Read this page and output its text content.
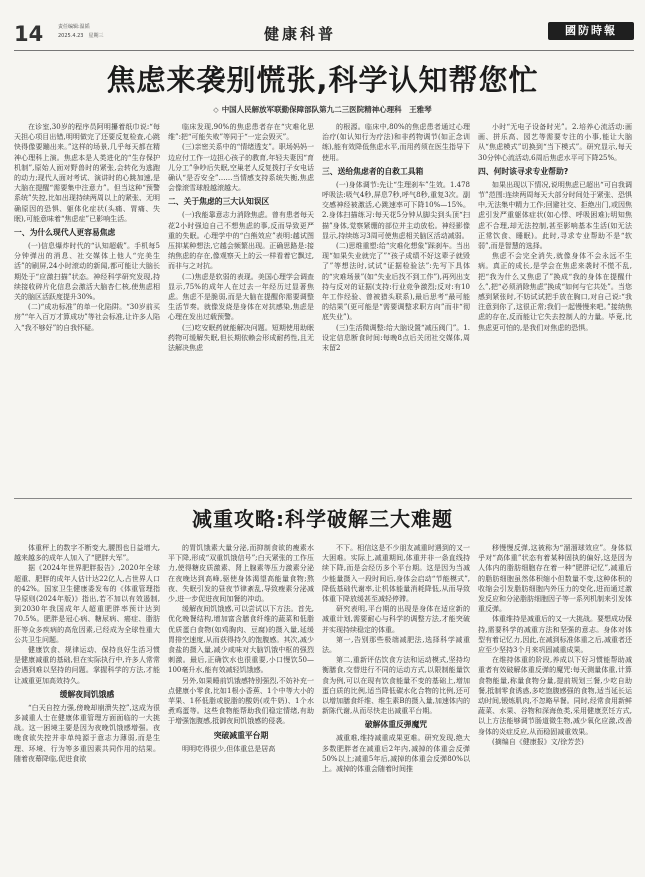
14	责任编辑:温韬
2025.4.23　星期三	健康科普	國防時報
焦虑来袭别慌张,科学认知帮您忙
◇ 中国人民解放军联勤保障部队第九二三医院精神心理科　王雅琴

在诊室,30岁的程序员阿明攥着纸巾说:“每天担心项目出错,明明做完了还要反复检查,心跳快得像要蹦出来。”这样的场景,几乎每天都在精神心理科上演。焦虑本是人类进化的“生存保护机制”,原始人面对野兽时的紧张,会转化为逃跑的动力;现代人面对考试、演讲时的心跳加速,是大脑在提醒“需要集中注意力”。但当这种“预警系统”失控,比如出现持续两周以上的紧张、无明确原因的恐惧、躯体化症状(头痛、胃痛、失眠),可能意味着“焦虑症”已影响生活。

一、为什么现代人更容易焦虑

(一)信息爆炸时代的“认知超载”。手机每5分钟弹出的消息、社交媒体上他人“完美生活”的刷屏,24小时滚动的新闻,都可能让大脑长期处于“应激扫描”状态。神经科学研究发现,持续接收碎片化信息会激活大脑杏仁核,使焦虑相关的脑区活跃度提升30%。

(二)“成功标准”的单一化陷阱。“30岁前买房”“年入百万才算成功”等社会标准,让许多人陷入“我不够好”的自我怀疑。

临床发现,90%的焦虑患者存在“灾难化思维”:把“可能失败”等同于“一定会毁灭”。

(三)亲密关系中的“情绪透支”。职场妈妈一边应付工作一边担心孩子的教育,年轻夫妻因“育儿分工”争吵后失眠,空巢老人反复拨打子女电话确认“是否安全”……当情感支持系统失衡,焦虑会像滚雪球般越滚越大。

二、关于焦虑的三大认知误区

(一)我能靠意志力消除焦虑。曾有患者每天花2小时强迫自己不想焦虑的事,反而导致更严重的失眠。心理学中的“白熊效应”表明:越试图压抑某种想法,它越会频繁出现。正确思路是:接纳焦虑的存在,像观察天上的云一样看着它飘过,而非与之对抗。

(二)焦虑是软弱的表现。美国心理学会调查显示,75%的成年人在过去一年经历过显著焦虑。焦虑不是脆弱,而是大脑在提醒你需要调整生活节奏。就像发烧是身体在对抗感染,焦虑是心理在发出过载预警。

(三)吃安眠药就能解决问题。短期使用助眠药物可缓解失眠,但长期依赖会形成耐药性,且无法解决焦虑

的根源。临床中,80%的焦虑患者通过心理治疗(如认知行为疗法)和非药物调节(如正念训练),能有效降低焦虑水平,而用药须在医生指导下使用。

三、送给焦虑者的自救工具箱

(一)身体调节:先让“生理刹车”生效。1.478呼吸法:吸气4秒,屏息7秒,呼气8秒,重复3次。副交感神经被激活,心跳速率可下降10%—15%。2.身体扫描练习:每天花5分钟从脚尖到头顶“扫描”身体,觉察紧绷的部位并主动放松。神经影像显示,持续练习3周可使焦虑相关脑区活动减弱。

(二)思维重塑:给“灾难化想象”踩刹车。当出现“如果失业就完了”“孩子成绩不好这辈子就毁了”等想法时,试试“证据检验法”:先写下具体的“灾难场景”(如“失业后找不到工作”),再列出支持与反对的证据(支持:行业竞争激烈;反对:有10年工作经验、曾被猎头联系),最后思考“最可能的结果”(更可能是“需要调整求职方向”而非“彻底失业”)。

(三)生活微调整:给大脑设置“减压阀门”。1.设定信息断食时间:每晚8点后关闭社交媒体,周末留2

小时“无电子设备时光”。2.培养心流活动:画画、拼乐高、园艺等需要专注的小事,能让大脑从“焦虑模式”切换到“当下模式”。研究显示,每天30分钟心流活动,6周后焦虑水平可下降25%。

四、何时该寻求专业帮助?

如果出现以下情况,说明焦虑已超出“可自我调节”范围:连续两周每天大部分时间处于紧张、恐惧中,无法集中精力工作;回避社交、拒绝出门,或因焦虑引发严重躯体症状(如心悸、呼吸困难);明知焦虑不合理,却无法控制,甚至影响基本生活(如无法正常饮食、睡眠)。此时,寻求专业帮助不是“软弱”,而是智慧的选择。

焦虑不会完全消失,就像身体不会永远不生病。真正的成长,是学会在焦虑来袭时不慌不乱,把“我为什么又焦虑了”换成“我的身体在提醒什么”,把“必须消除焦虑”换成“如何与它共处”。当您感到紧张时,不妨试试把手放在胸口,对自己说:“我注意到你了,这很正常;我们一起慢慢来吧。”接纳焦虑的存在,反而能让它失去控制人的力量。毕竟,比焦虑更可怕的,是我们对焦虑的恐惧。

减重攻略:科学破解三大难题

体重秤上的数字不断变大,腰围也日益增大,越来越多的成年人加入了“肥胖大军”。

据《2024年世界肥胖报告》,2020年全球超重、肥胖的成年人估计达22亿人,占世界人口的42%。国家卫生健康委发布的《体重管理指导原则(2024年版)》指出,若不加以有效遏制,到2030年我国成年人超重肥胖率预计达到70.5%。肥胖是冠心病、糖尿病、癌症、脂肪肝等众多疾病的高危因素,已经成为全球性重大公共卫生问题。

健康饮食、规律运动、保持良好生活习惯是健康减重的基础,但在实际执行中,许多人常常会遇到难以坚持的问题。掌握科学的方法,才能让减重更加高效持久。

缓解夜间饥饿感

“白天自控力强,傍晚却崩溃失控”,这成为很多减重人士在健康体重管理方面面临的一大挑战。这一困境主要是因为夜晚饥饿感增强。夜晚食欲失控并非单纯源于意志力薄弱,而是生理、环境、行为等多重因素共同作用的结果。随着夜幕降临,促进食欲

的胃饥饿素大量分泌,而抑制食欲的瘦素水平下降,形成“双重饥饿信号”;白天紧张的工作压力,使得糖皮质激素、肾上腺素等压力激素分泌在夜晚达到高峰,驱使身体渴望高能量食物;熬夜、失眠引发的昼夜节律紊乱,导致瘦素分泌减少,进一步促进夜间加餐的冲动。

缓解夜间饥饿感,可以尝试以下方法。首先,优化晚餐结构,增加富含膳食纤维的蔬菜和低脂优质蛋白食物(如鸡胸肉、豆腐)的摄入量,延缓胃排空速度,从而获得持久的饱腹感。其次,减少食盐的摄入量,减少咸味对大脑饥饿中枢的强烈刺激。最后,正确饮水也很重要,小口慢饮50—100毫升水,能有效减轻饥饿感。

另外,如果睡前饥饿感特别强烈,不妨补充一点健康小零食,比如1根小香蕉、1个中等大小的苹果、1杯低脂或脱脂的酸奶(或牛奶)、1个水煮鸡蛋等。这些食物能帮助我们稳定情绪,有助于增强饱腹感,抵御夜间饥饿感的侵袭。

突破减重平台期

明明吃得很少,但体重总是居高

不下。相信这是不少朋友减重时遇到的又一大困难。实际上,减重期间,体重并非一条直线持续下降,而是会经历多个平台期。这是因为当减少能量摄入一段时间后,身体会启动“节能模式”,降低基础代谢率,让机体能量消耗降低,从而导致体重下降放缓甚至减轻停滞。

研究表明,平台期的出现是身体在适应新的减重计划,需要耐心与科学的调整方法,才能突破并实现持续稳定的体重。

第一,告别那些极端减肥法,选择科学减重法。

第二,重新评估饮食方法和运动模式,坚持均衡膳食,交替进行不同的运动方式,以限制能量饮食为例,可以在现有饮食能量不变的基础上,增加蛋白质的比例,适当降低碳水化合物的比例,还可以增加膳食纤维、维生素B的摄入量,加速体内的新陈代谢,从而尽快走出减重平台期。

破解体重反弹魔咒

减重难,维持减重成果更难。研究发现,绝大多数肥胖者在减重后2年内,减掉的体重会反弹50%以上;减重5年后,减掉的体重会反弹80%以上。减掉的体重会随着时间推

移慢慢反弹,这被称为“溜溜球效应”。身体似乎对“高体重”状态有着某种固执的偏好,这是因为人体内的脂肪细胞存在着一种“肥胖记忆”,减重后的脂肪细胞虽然体积缩小但数量不变,这种体积的收缩会引发脂肪细胞内外压力的变化,进而通过激发反应和分泌脂肪细胞因子等一系列机制来引发体重反弹。

体重维持是减重后的又一大挑战。要想成功保持,需要科学的减重方法和坚强的意志。身体对体型有着记忆力,因此,在减到标准体重之后,减重者还应至少坚持3个月来巩固减重成果。

在维持体重的阶段,养成以下好习惯能帮助减重者有效破解体重反弹的魔咒:每天测量体重,计算食物能量,称量食物分量,提前规划三餐,少吃自助餐,抵制零食诱惑,多吃饱腹感强的食物,适当延长运动时间,锻炼肌肉,不忽略早餐。同时,经常食用新鲜蔬菜、水果、谷物和深海鱼类,采用健康烹饪方式,以上方法能够调节肠道微生物,减少氧化应激,改善身体的炎症反应,从而稳固减重效果。

(摘编自《健康报》文/徐芳芸)
